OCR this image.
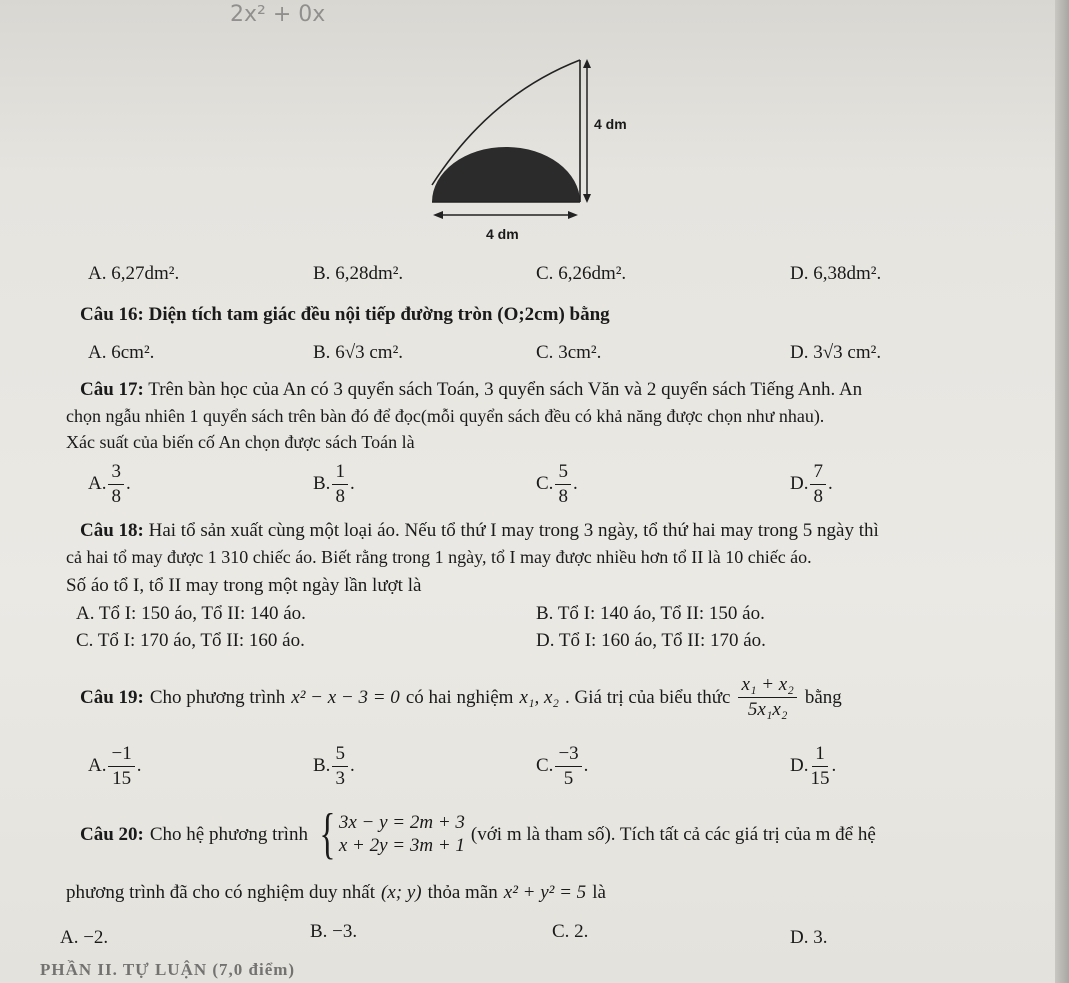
2x² + 0x
4 dm
4 dm
A. 6,27dm².	B. 6,28dm².	C. 6,26dm².	D. 6,38dm².
Câu 16: Diện tích tam giác đều nội tiếp đường tròn (O;2cm) bằng
A. 6cm².	B. 6√3 cm².	C. 3cm².	D. 3√3 cm².
Câu 17: Trên bàn học của An có 3 quyển sách Toán, 3 quyển sách Văn và 2 quyển sách Tiếng Anh. An
chọn ngẫu nhiên 1 quyển sách trên bàn đó để đọc(mỗi quyển sách đều có khả năng được chọn như nhau).
Xác suất của biến cố An chọn được sách Toán là
A. $\frac{3}{8}$ .	B. $\frac{1}{8}$ .	C. $\frac{5}{8}$ .	D. $\frac{7}{8}$ .
Câu 18: Hai tổ sản xuất cùng một loại áo. Nếu tổ thứ I may trong 3 ngày, tổ thứ hai may trong 5 ngày thì
cả hai tổ may được 1 310 chiếc áo. Biết rằng trong 1 ngày, tổ I may được nhiều hơn tổ II là 10 chiếc áo.
Số áo tổ I, tổ II may trong một ngày lần lượt là
A. Tổ I: 150 áo, Tổ II: 140 áo.	B. Tổ I: 140 áo, Tổ II: 150 áo.
C. Tổ I: 170 áo, Tổ II: 160 áo.	D. Tổ I: 160 áo, Tổ II: 170 áo.
Câu 19: Cho phương trình x² − x − 3 = 0 có hai nghiệm x₁, x₂ . Giá trị của biểu thức $\frac{\text{x₁ + x₂}}{\text{5x₁x₂}}$ bằng
A. $\frac{-1}{15}$ .	B. $\frac{5}{3}$ .	C. $\frac{-3}{5}$ .	D. $\frac{1}{15}$ .
Câu 20: Cho hệ phương trình { 3x − y = 2m + 3
x + 2y = 3m + 1
(với m là tham số). Tích tất cả các giá trị của m để hệ
phương trình đã cho có nghiệm duy nhất (x; y) thỏa mãn x² + y² = 5 là
A. −2.	B. −3.	C. 2.	D. 3.
PHẦN II. TỰ LUẬN (7,0 điểm)
